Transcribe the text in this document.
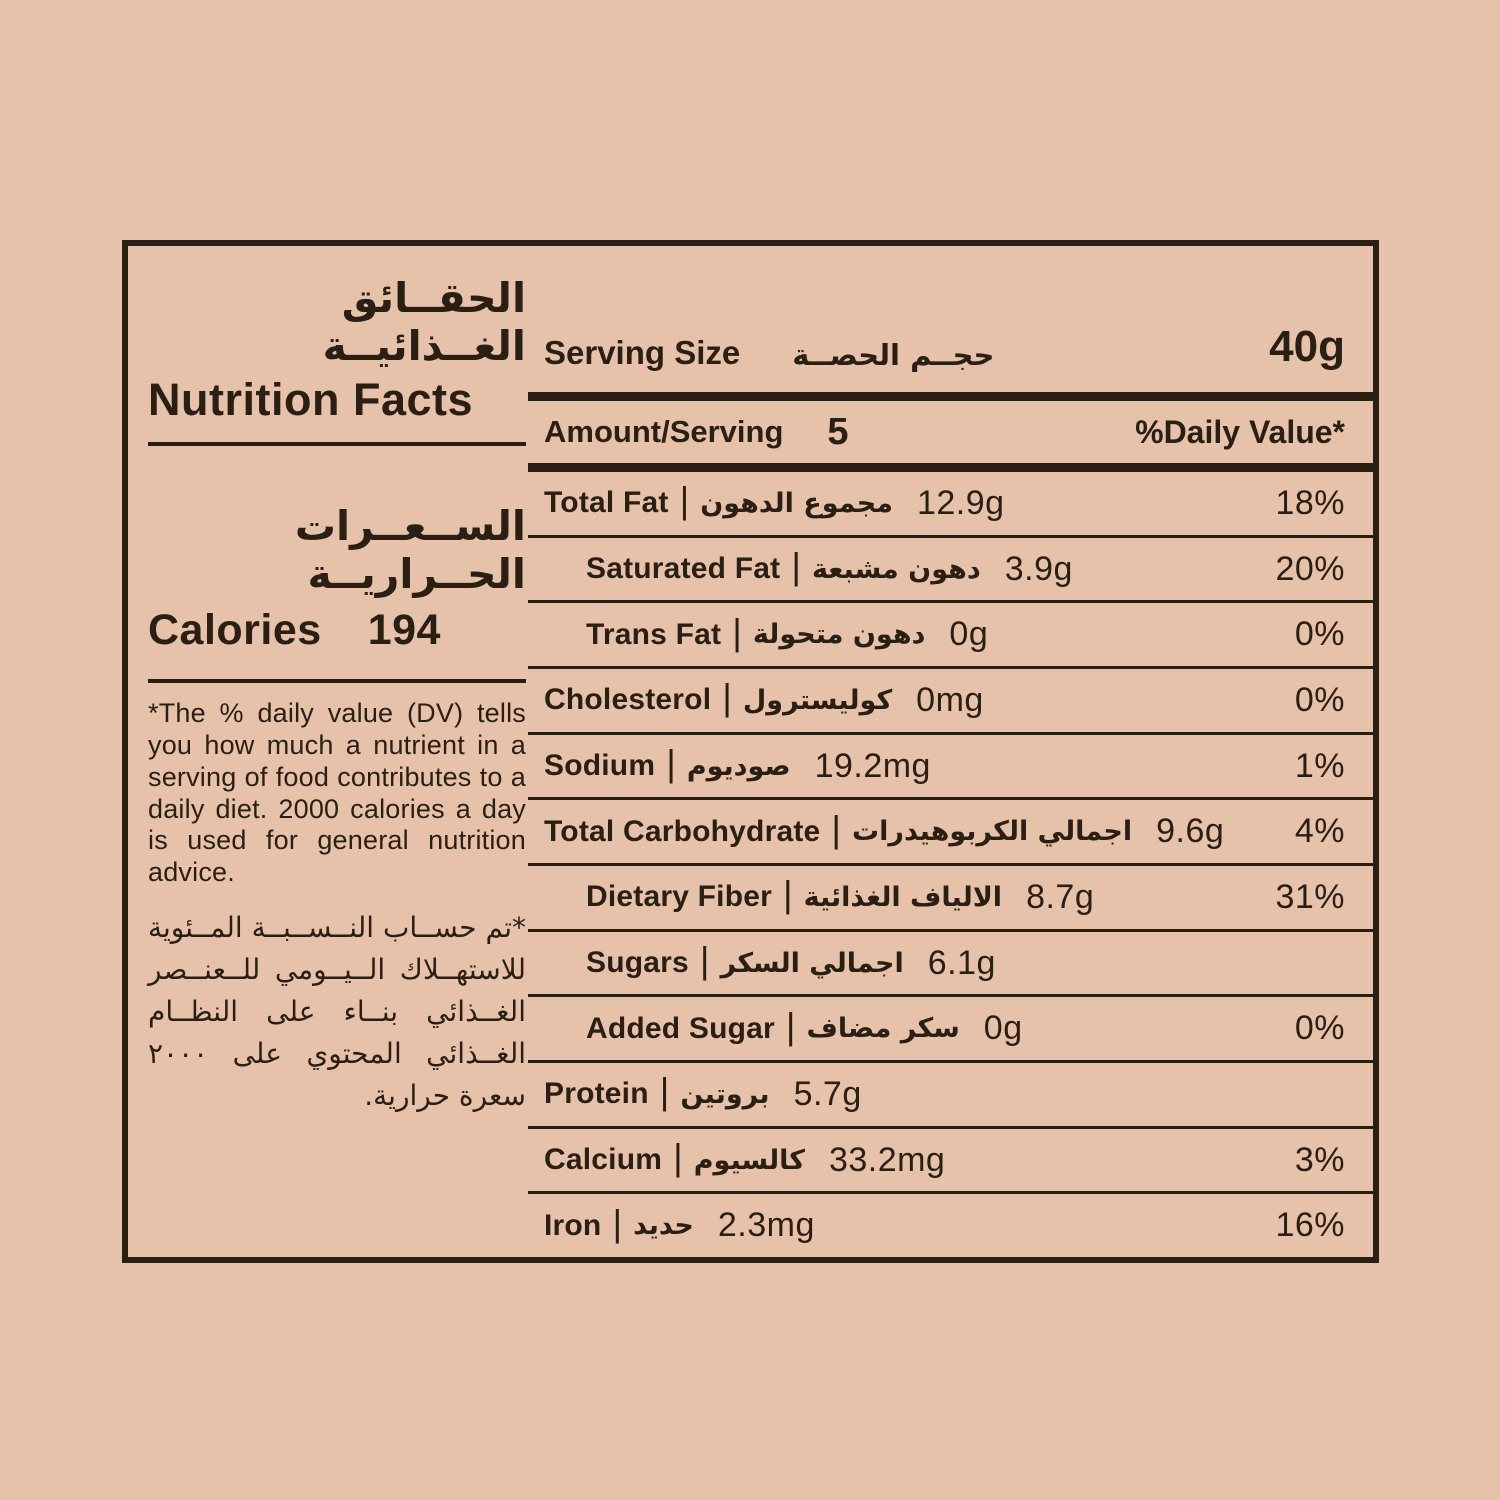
الحقــائق الغــذائيــة
Nutrition Facts
الســعــرات الحــراريــة
Calories 194

*The % daily value (DV) tells you how much a nutrient in a serving of food contributes to a daily diet. 2000 calories a day is used for general nutrition advice.

*تم حســاب النــســبــة المــئوية للاستهــلاك الــيــومي للــعنــصر الغــذائي بنــاء على النظــام الغــذائي المحتوي على ٢٠٠٠ سعرة حرارية.

Serving Size حجــم الحصــة	40g
Amount/Serving 5	%Daily Value*
Total Fat | مجموع الدهون 12.9g	18%
Saturated Fat | دهون مشبعة 3.9g	20%
Trans Fat | دهون متحولة 0g	0%
Cholesterol | كوليسترول 0mg	0%
Sodium | صوديوم 19.2mg	1%
Total Carbohydrate | اجمالي الكربوهيدرات 9.6g 4%
Dietary Fiber | الالياف الغذائية 8.7g	31%
Sugars | اجمالي السكر 6.1g
Added Sugar | سكر مضاف 0g	0%
Protein | بروتين 5.7g
Calcium | كالسيوم 33.2mg	3%
Iron | حديد 2.3mg	16%
